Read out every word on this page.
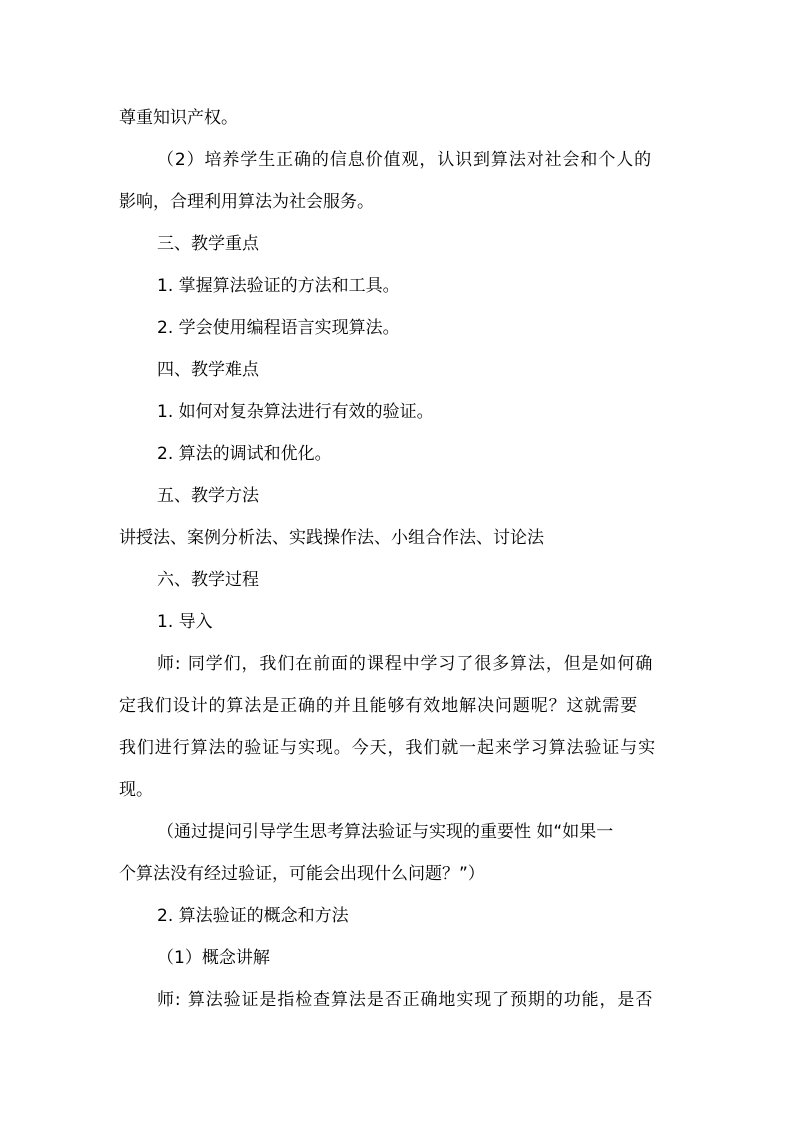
尊重知识产权。
（2）培养学生正确的信息价值观，认识到算法对社会和个人的
影响，合理利用算法为社会服务。
三、教学重点
1. 掌握算法验证的方法和工具。
2. 学会使用编程语言实现算法。
四、教学难点
1. 如何对复杂算法进行有效的验证。
2. 算法的调试和优化。
五、教学方法
讲授法、案例分析法、实践操作法、小组合作法、讨论法
六、教学过程
1. 导入
师: 同学们，我们在前面的课程中学习了很多算法，但是如何确
定我们设计的算法是正确的并且能够有效地解决问题呢？这就需要
我们进行算法的验证与实现。今天，我们就一起来学习算法验证与实
现。
（通过提问引导学生思考算法验证与实现的重要性 如“如果一
个算法没有经过验证，可能会出现什么问题？”）
2. 算法验证的概念和方法
（1）概念讲解
师: 算法验证是指检查算法是否正确地实现了预期的功能，是否
